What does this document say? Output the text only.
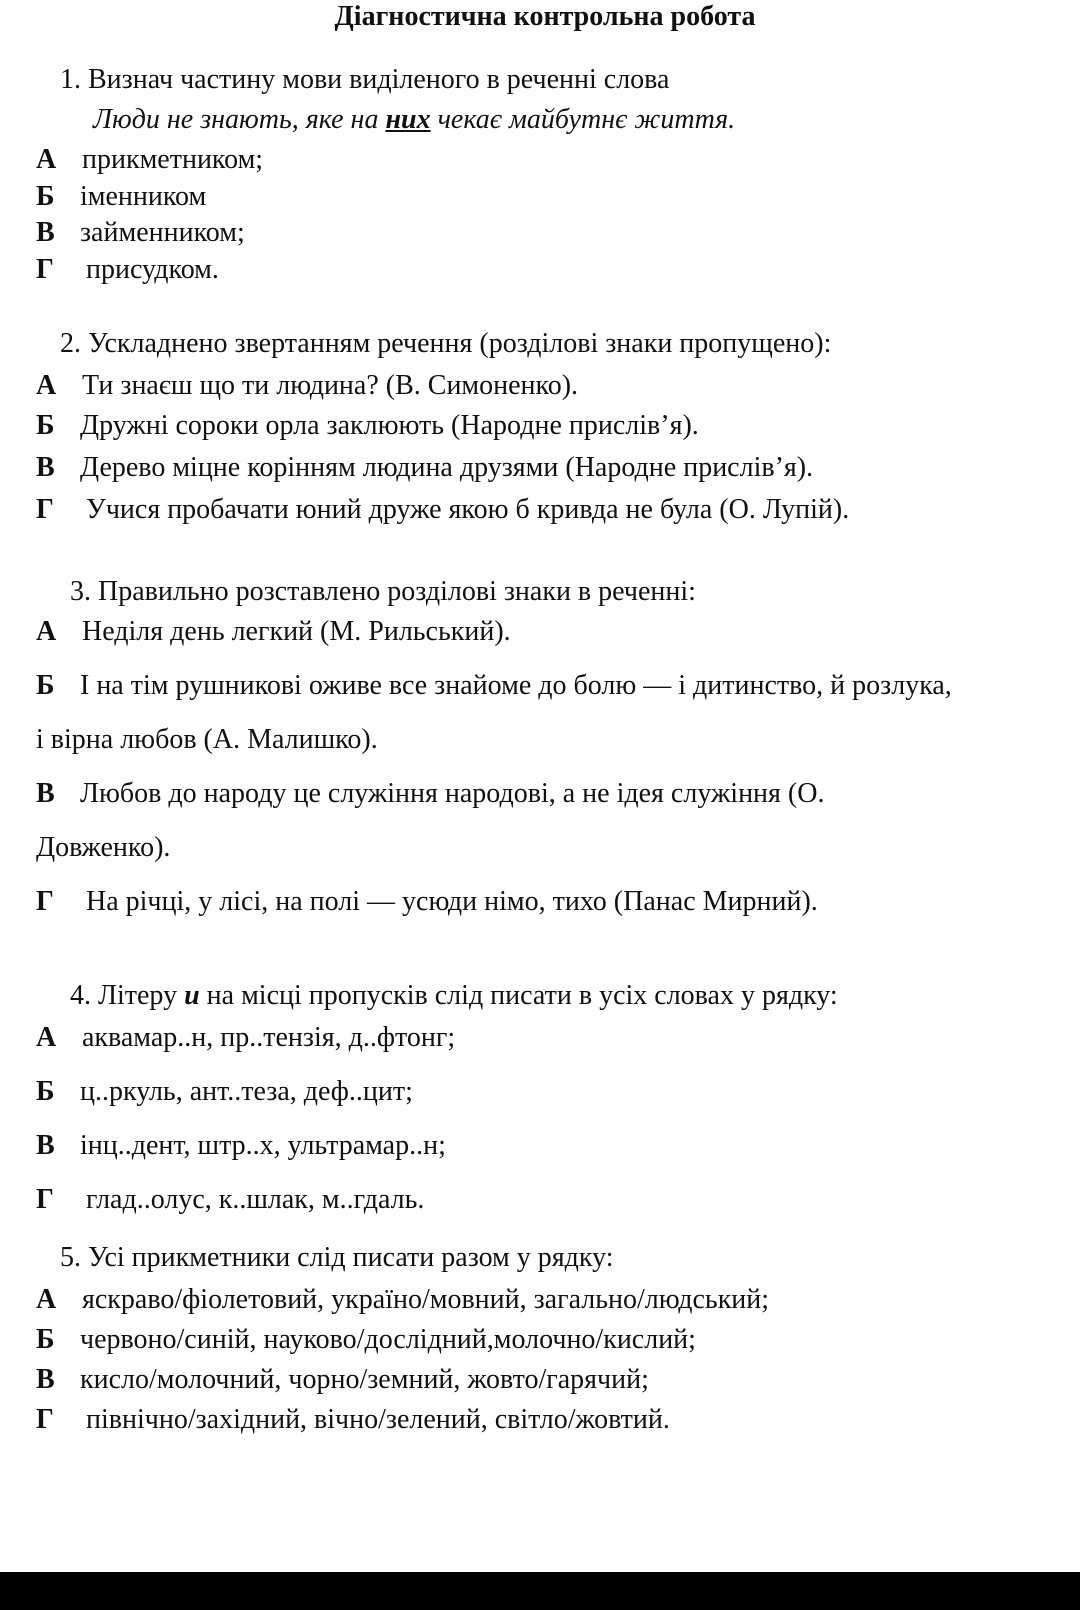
Діагностична контрольна робота
1. Визнач частину мови виділеного в реченні слова
Люди не знають, яке на них чекає майбутнє життя.
А прикметником;
Б іменником
В займенником;
Г присудком.
2. Ускладнено звертанням речення (розділові знаки пропущено):
А Ти знаєш що ти людина? (В. Симоненко).
Б Дружні сороки орла заклюють (Народне прислів’я).
В Дерево міцне корінням людина друзями (Народне прислів’я).
Г Учися пробачати юний друже якою б кривда не була (О. Лупій).
3. Правильно розставлено розділові знаки в реченні:
А Неділя день легкий (М. Рильський).
Б І на тім рушникові оживе все знайоме до болю — і дитинство, й розлука,
і вірна любов (А. Малишко).
В Любов до народу це служіння народові, а не ідея служіння (О.
Довженко).
Г На річці, у лісі, на полі — усюди німо, тихо (Панас Мирний).
4. Літеру и на місці пропусків слід писати в усіх словах у рядку:
А аквамар..н, пр..тензія, д..фтонг;
Б ц..ркуль, ант..теза, деф..цит;
В інц..дент, штр..х, ультрамар..н;
Г глад..олус, к..шлак, м..гдаль.
5. Усі прикметники слід писати разом у рядку:
А яскраво/фіолетовий, україно/мовний, загально/людський;
Б червоно/синій, науково/дослідний,молочно/кислий;
В кисло/молочний, чорно/земний, жовто/гарячий;
Г північно/західний, вічно/зелений, світло/жовтий.
